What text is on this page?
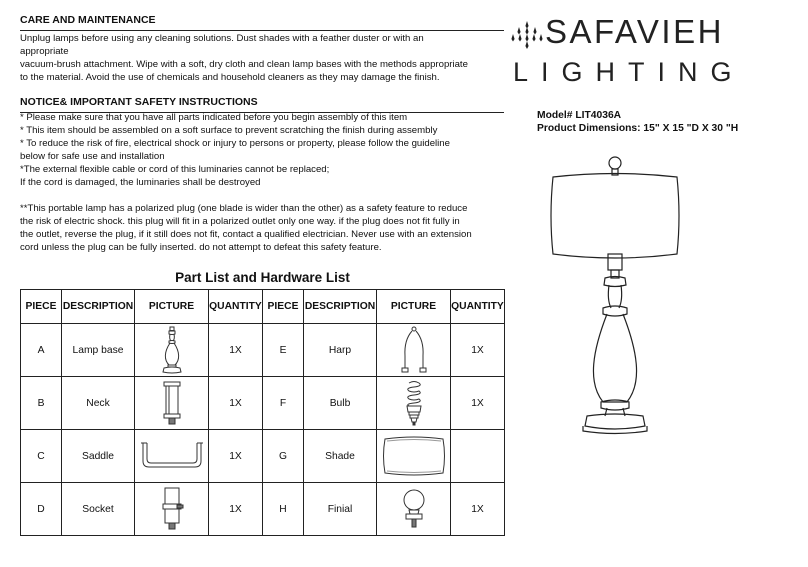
CARE AND MAINTENANCE
Unplug lamps before using any cleaning solutions. Dust shades with a feather duster or with an
appropriate
vacuum-brush attachment. Wipe with a soft, dry cloth and clean lamp bases with the methods appropriate
to the material. Avoid the use of chemicals and household cleaners as they may damage the finish.
NOTICE& IMPORTANT SAFETY INSTRUCTIONS
* Please make sure that you have all parts indicated before you begin assembly of this item
* This item should be assembled on a soft surface to prevent scratching the finish during assembly
* To reduce the risk of fire, electrical shock or injury to persons or property, please follow the guideline
below for safe use and installation
*The external flexible cable or cord of this luminaries cannot be replaced;
If the cord is damaged, the luminaries shall be destroyed
**This portable lamp has a polarized plug (one blade is wider than the other) as a safety feature to reduce
the risk of electric shock. this plug will fit in a polarized outlet only one way. if the plug does not fit fully in
the outlet, reverse the plug, if it still does not fit, contact a qualified electrician. Never use with an extension
cord unless the plug can be fully inserted. do not attempt to defeat this safety feature.
SAFAVIEH
LIGHTING
Model# LIT4036A
Product Dimensions: 15" X 15 "D X 30 "H
Part List and Hardware List
PIECE	DESCRIPTION	PICTURE	QUANTITY	PIECE	DESCRIPTION	PICTURE	QUANTITY
A	Lamp base		1X	E	Harp		1X
B	Neck		1X	F	Bulb		1X
C	Saddle		1X	G	Shade	

D	Socket		1X	H	Finial		1X
